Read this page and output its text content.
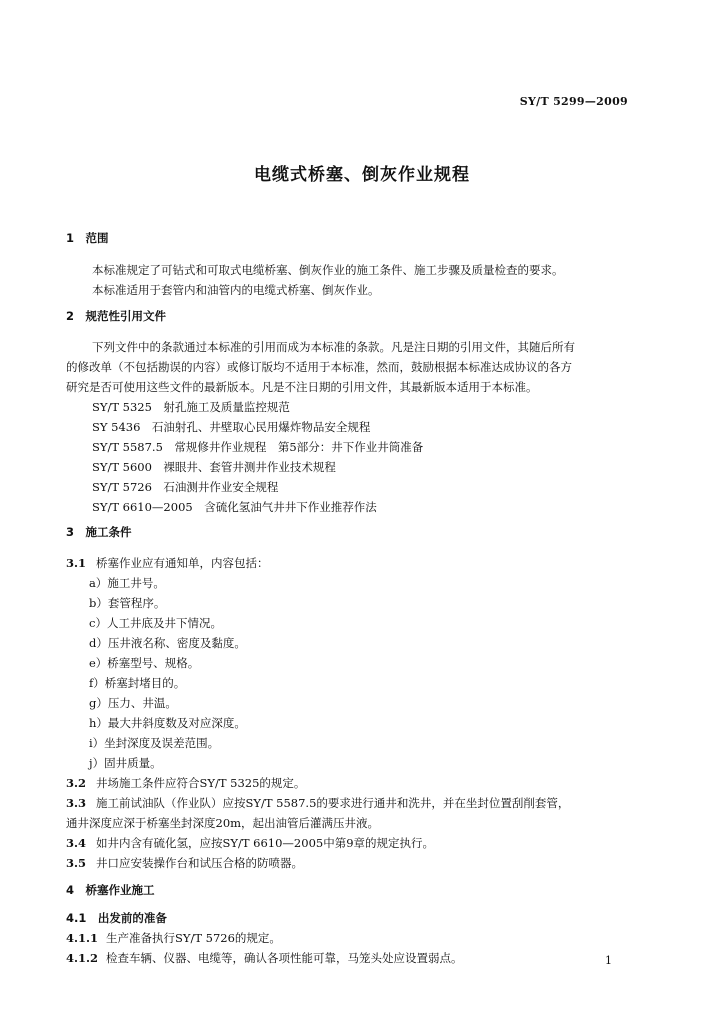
SY/T 5299—2009
电缆式桥塞、倒灰作业规程
1　范围
本标准规定了可钻式和可取式电缆桥塞、倒灰作业的施工条件、施工步骤及质量检查的要求。
本标准适用于套管内和油管内的电缆式桥塞、倒灰作业。
2　规范性引用文件
下列文件中的条款通过本标准的引用而成为本标准的条款。凡是注日期的引用文件，其随后所有
的修改单（不包括勘误的内容）或修订版均不适用于本标准，然而，鼓励根据本标准达成协议的各方
研究是否可使用这些文件的最新版本。凡是不注日期的引用文件，其最新版本适用于本标准。
SY/T 5325　射孔施工及质量监控规范
SY 5436　石油射孔、井壁取心民用爆炸物品安全规程
SY/T 5587.5　常规修井作业规程　第5部分：井下作业井筒准备
SY/T 5600　裸眼井、套管井测井作业技术规程
SY/T 5726　石油测井作业安全规程
SY/T 6610—2005　含硫化氢油气井井下作业推荐作法
3　施工条件
3.1 桥塞作业应有通知单，内容包括：
a）施工井号。
b）套管程序。
c）人工井底及井下情况。
d）压井液名称、密度及黏度。
e）桥塞型号、规格。
f）桥塞封堵目的。
g）压力、井温。
h）最大井斜度数及对应深度。
i）坐封深度及误差范围。
j）固井质量。
3.2 井场施工条件应符合SY/T 5325的规定。
3.3 施工前试油队（作业队）应按SY/T 5587.5的要求进行通井和洗井，并在坐封位置刮削套管，
通井深度应深于桥塞坐封深度20m，起出油管后灌满压井液。
3.4 如井内含有硫化氢，应按SY/T 6610—2005中第9章的规定执行。
3.5 井口应安装操作台和试压合格的防喷器。
4　桥塞作业施工
4.1　出发前的准备
4.1.1 生产准备执行SY/T 5726的规定。
4.1.2 检查车辆、仪器、电缆等，确认各项性能可靠，马笼头处应设置弱点。	1
